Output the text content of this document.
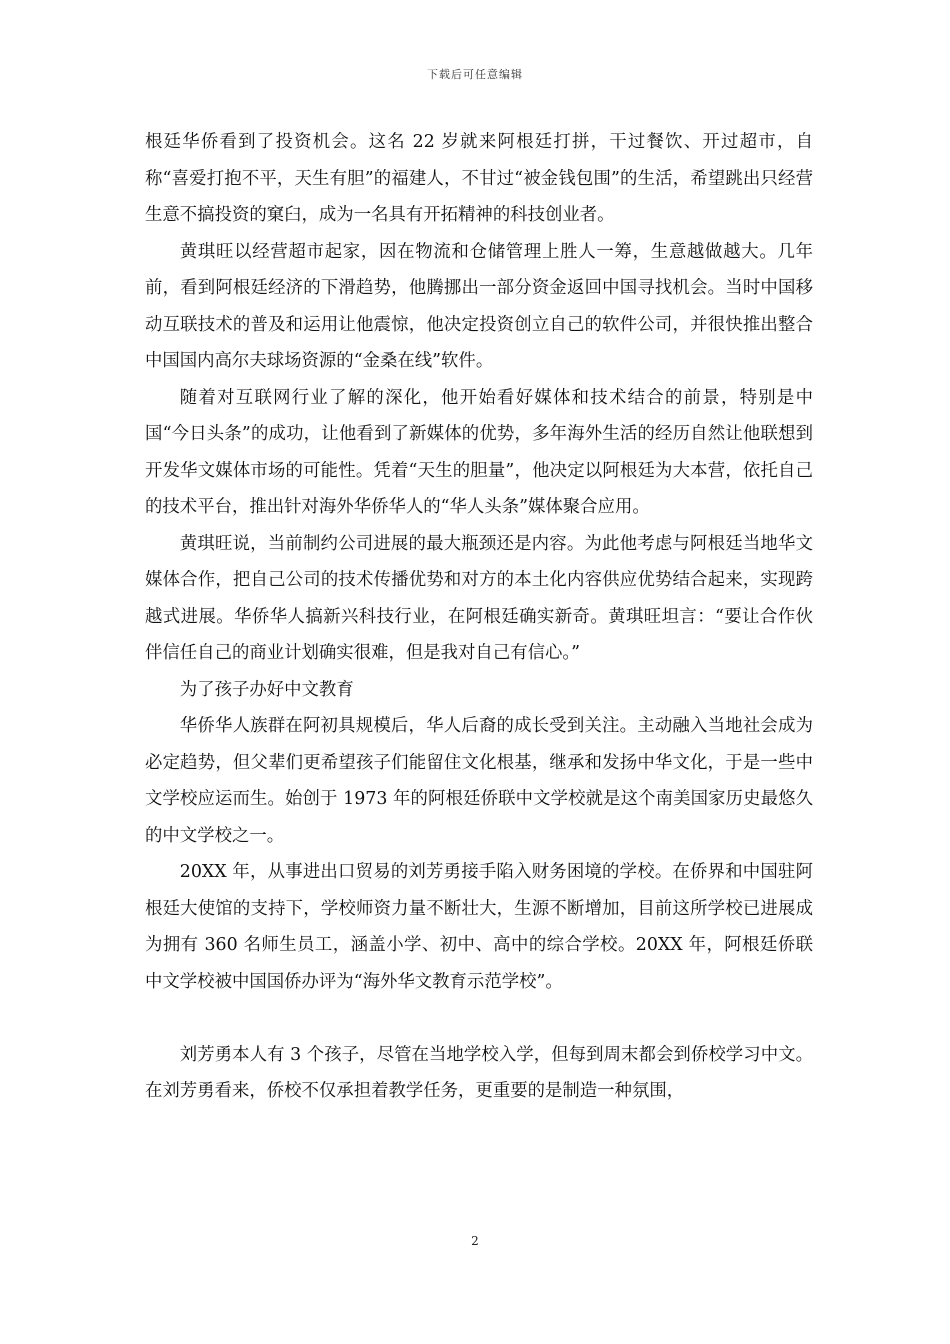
下载后可任意编辑

根廷华侨看到了投资机会。这名 22 岁就来阿根廷打拼，干过餐饮、开过超市，自称“喜爱打抱不平，天生有胆”的福建人，不甘过“被金钱包围”的生活，希望跳出只经营生意不搞投资的窠臼，成为一名具有开拓精神的科技创业者。

黄琪旺以经营超市起家，因在物流和仓储管理上胜人一筹，生意越做越大。几年前，看到阿根廷经济的下滑趋势，他腾挪出一部分资金返回中国寻找机会。当时中国移动互联技术的普及和运用让他震惊，他决定投资创立自己的软件公司，并很快推出整合中国国内高尔夫球场资源的“金桑在线”软件。

随着对互联网行业了解的深化，他开始看好媒体和技术结合的前景，特别是中国“今日头条”的成功，让他看到了新媒体的优势，多年海外生活的经历自然让他联想到开发华文媒体市场的可能性。凭着“天生的胆量”，他决定以阿根廷为大本营，依托自己的技术平台，推出针对海外华侨华人的“华人头条”媒体聚合应用。

黄琪旺说，当前制约公司进展的最大瓶颈还是内容。为此他考虑与阿根廷当地华文媒体合作，把自己公司的技术传播优势和对方的本土化内容供应优势结合起来，实现跨越式进展。华侨华人搞新兴科技行业，在阿根廷确实新奇。黄琪旺坦言：“要让合作伙伴信任自己的商业计划确实很难，但是我对自己有信心。”

为了孩子办好中文教育

华侨华人族群在阿初具规模后，华人后裔的成长受到关注。主动融入当地社会成为必定趋势，但父辈们更希望孩子们能留住文化根基，继承和发扬中华文化，于是一些中文学校应运而生。始创于 1973 年的阿根廷侨联中文学校就是这个南美国家历史最悠久的中文学校之一。

20XX 年，从事进出口贸易的刘芳勇接手陷入财务困境的学校。在侨界和中国驻阿根廷大使馆的支持下，学校师资力量不断壮大，生源不断增加，目前这所学校已进展成为拥有 360 名师生员工，涵盖小学、初中、高中的综合学校。20XX 年，阿根廷侨联中文学校被中国国侨办评为“海外华文教育示范学校”。

刘芳勇本人有 3 个孩子，尽管在当地学校入学，但每到周末都会到侨校学习中文。在刘芳勇看来，侨校不仅承担着教学任务，更重要的是制造一种氛围，

2
